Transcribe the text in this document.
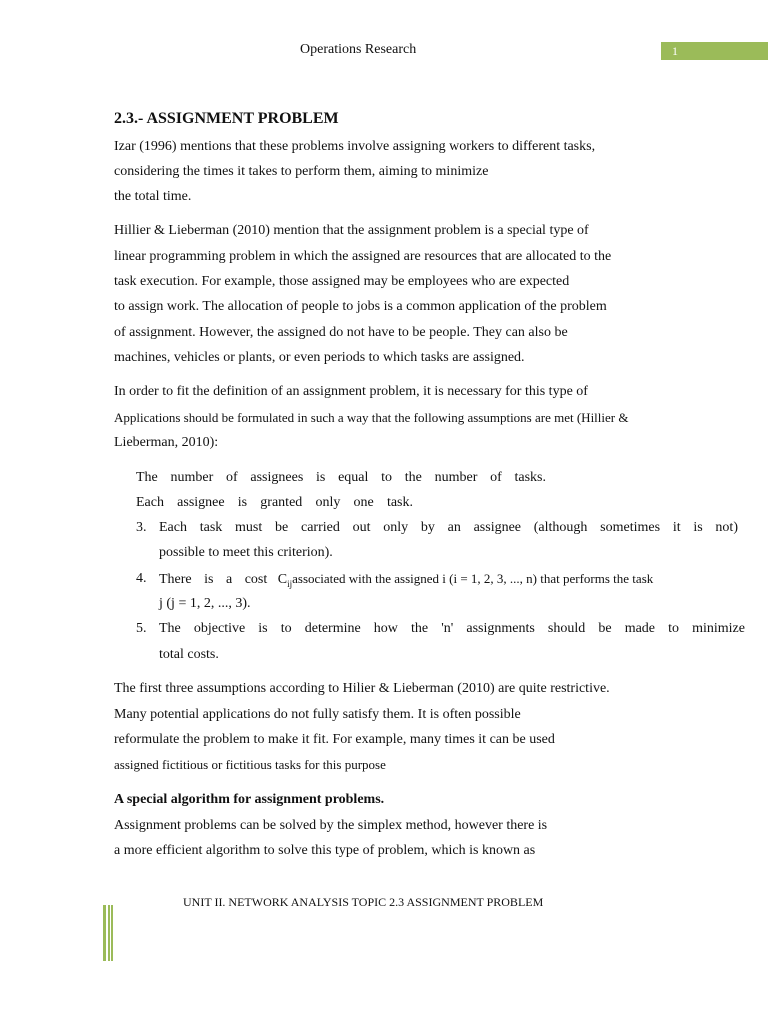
Operations Research	1
2.3.- ASSIGNMENT PROBLEM
Izar (1996) mentions that these problems involve assigning workers to different tasks,
considering the times it takes to perform them, aiming to minimize
the total time.
Hillier & Lieberman (2010) mention that the assignment problem is a special type of
linear programming problem in which the assigned are resources that are allocated to the
task execution. For example, those assigned may be employees who are expected
to assign work. The allocation of people to jobs is a common application of the problem
of assignment. However, the assigned do not have to be people. They can also be
machines, vehicles or plants, or even periods to which tasks are assigned.
In order to fit the definition of an assignment problem, it is necessary for this type of
Applications should be formulated in such a way that the following assumptions are met (Hillier &
Lieberman, 2010):
The number of assignees is equal to the number of tasks.
Each assignee is granted only one task.
3. Each task must be carried out only by an assignee (although sometimes it is not)
possible to meet this criterion).
4. There is a cost $C_{ij}associated$ with the assigned i (i = 1, 2, 3, ..., n) that performs the task
j (j = 1, 2, ..., 3).
5. The objective is to determine how the 'n' assignments should be made to minimize
total costs.
The first three assumptions according to Hilier & Lieberman (2010) are quite restrictive.
Many potential applications do not fully satisfy them. It is often possible
reformulate the problem to make it fit. For example, many times it can be used
assigned fictitious or fictitious tasks for this purpose
A special algorithm for assignment problems.
Assignment problems can be solved by the simplex method, however there is
a more efficient algorithm to solve this type of problem, which is known as
UNIT II. NETWORK ANALYSIS TOPIC 2.3 ASSIGNMENT PROBLEM
